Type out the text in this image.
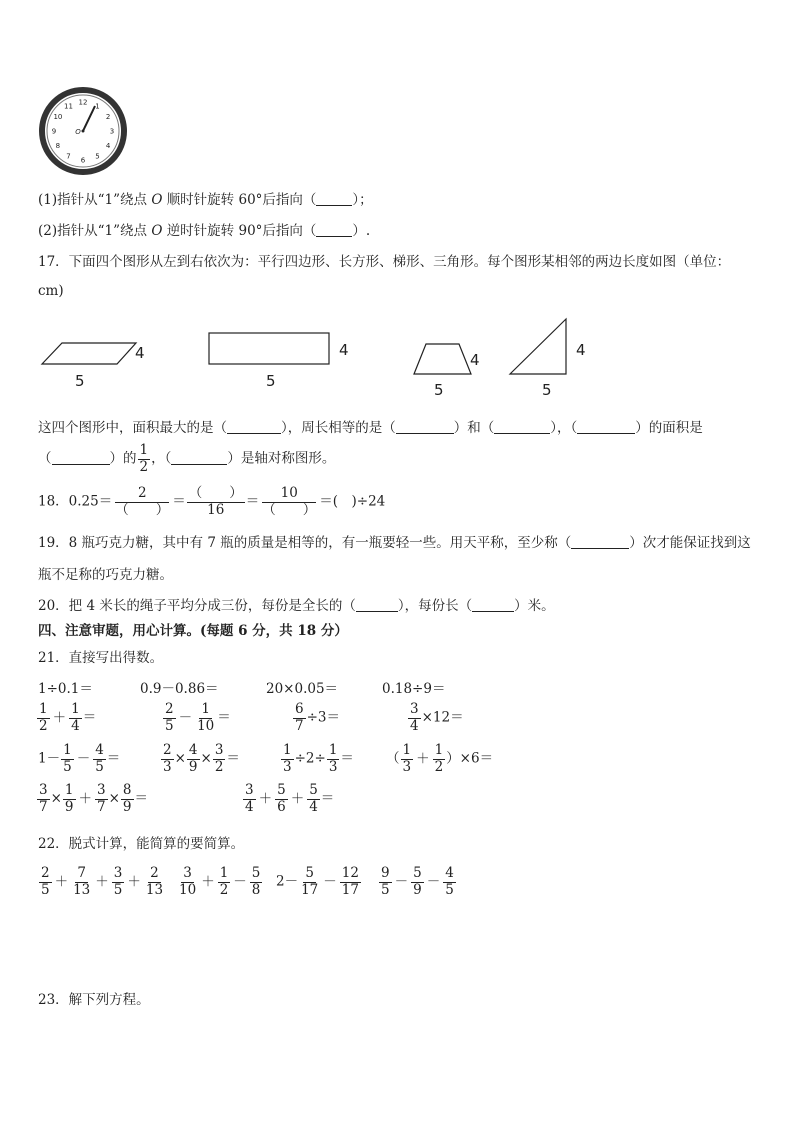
12 1
2
3
4
5
6
7
8
9
10
11
O
(1)指针从“1”绕点 O 顺时针旋转 60°后指向（	）；
(2)指针从“1”绕点 O 逆时针旋转 90°后指向（	）.
17．下面四个图形从左到右依次为：平行四边形、长方形、梯形、三角形。每个图形某相邻的两边长度如图（单位：
cm)
4
5
4
5
4
5
4
5
这四个图形中，面积最大的是（	），周长相等的是（	）和（	），（	）的面积是
（	）的 $\frac{1}{2}$ ，（	）是轴对称图形。
18．$0.25= \frac{2}{( )} = \frac{( )}{16} = \frac{10}{( )}$ ＝(　)÷24
19．8 瓶巧克力糖，其中有 7 瓶的质量是相等的，有一瓶要轻一些。用天平称，至少称（	）次才能保证找到这
瓶不足称的巧克力糖。
20．把 4 米长的绳子平均分成三份，每份是全长的（	），每份长（	）米。
四、注意审题，用心计算。(每题 6 分，共 18 分）
21．直接写出得数。
1÷0.1＝	0.9－0.86＝	20×0.05＝	0.18÷9＝
$\frac{1}{2} + \frac{1}{4}$ ＝	$\frac{2}{5} - \frac{1}{10}$ ＝	$\frac{6}{7} \div 3=$	$\frac{3}{4} \times 12=$
$1- \frac{1}{5} - \frac{4}{5}$ ＝	$\frac{2}{3} \times \frac{4}{9} \times \frac{3}{2}$ ＝	$\frac{1}{3} \div 2\div \frac{1}{3}$ ＝ （ $\frac{1}{3} + \frac{1}{2} )\times 6=$
$\frac{3}{7} \times \frac{1}{9} + \frac{3}{7} \times \frac{8}{9}$ ＝	$\frac{3}{4} + \frac{5}{6} + \frac{5}{4}$ ＝
22．脱式计算，能简算的要简算。
$\frac{2}{5} + \frac{7}{13} + \frac{3}{5} + \frac{2}{13} \frac{3}{10} + \frac{1}{2} - \frac{5}{8} 2- \frac{5}{17} - \frac{12}{17} \frac{9}{5} - \frac{5}{9} - \frac{4}{5}$
23．解下列方程。
